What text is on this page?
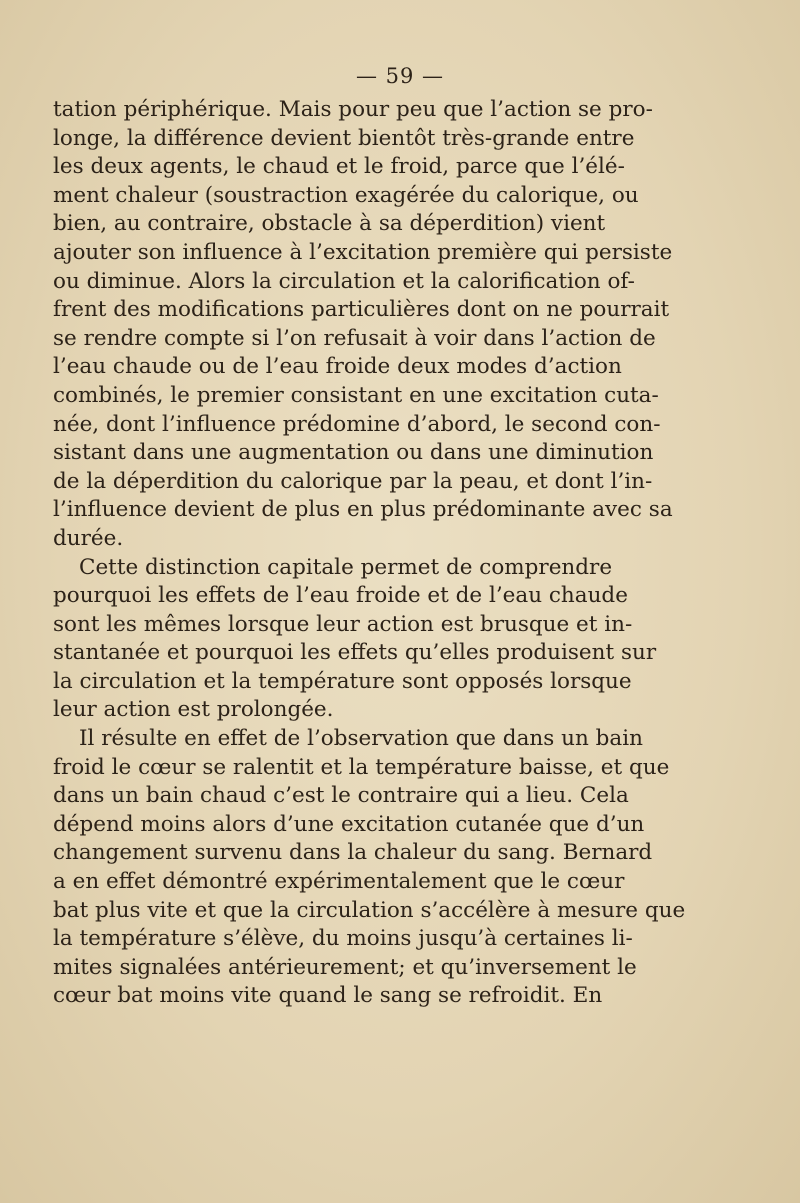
— 59 —
tation périphérique. Mais pour peu que l’action se pro-
longe, la différence devient bientôt très-grande entre
les deux agents, le chaud et le froid, parce que l’élé-
ment chaleur (soustraction exagérée du calorique, ou
bien, au contraire, obstacle à sa déperdition) vient
ajouter son influence à l’excitation première qui persiste
ou diminue. Alors la circulation et la calorification of-
frent des modifications particulières dont on ne pourrait
se rendre compte si l’on refusait à voir dans l’action de
l’eau chaude ou de l’eau froide deux modes d’action
combinés, le premier consistant en une excitation cuta-
née, dont l’influence prédomine d’abord, le second con-
sistant dans une augmentation ou dans une diminution
de la déperdition du calorique par la peau, et dont l’in-
l’influence devient de plus en plus prédominante avec sa
durée.
Cette distinction capitale permet de comprendre
pourquoi les effets de l’eau froide et de l’eau chaude
sont les mêmes lorsque leur action est brusque et in-
stantanée et pourquoi les effets qu’elles produisent sur
la circulation et la température sont opposés lorsque
leur action est prolongée.
Il résulte en effet de l’observation que dans un bain
froid le cœur se ralentit et la température baisse, et que
dans un bain chaud c’est le contraire qui a lieu. Cela
dépend moins alors d’une excitation cutanée que d’un
changement survenu dans la chaleur du sang. Bernard
a en effet démontré expérimentalement que le cœur
bat plus vite et que la circulation s’accélère à mesure que
la température s’élève, du moins jusqu’à certaines li-
mites signalées antérieurement; et qu’inversement le
cœur bat moins vite quand le sang se refroidit. En
